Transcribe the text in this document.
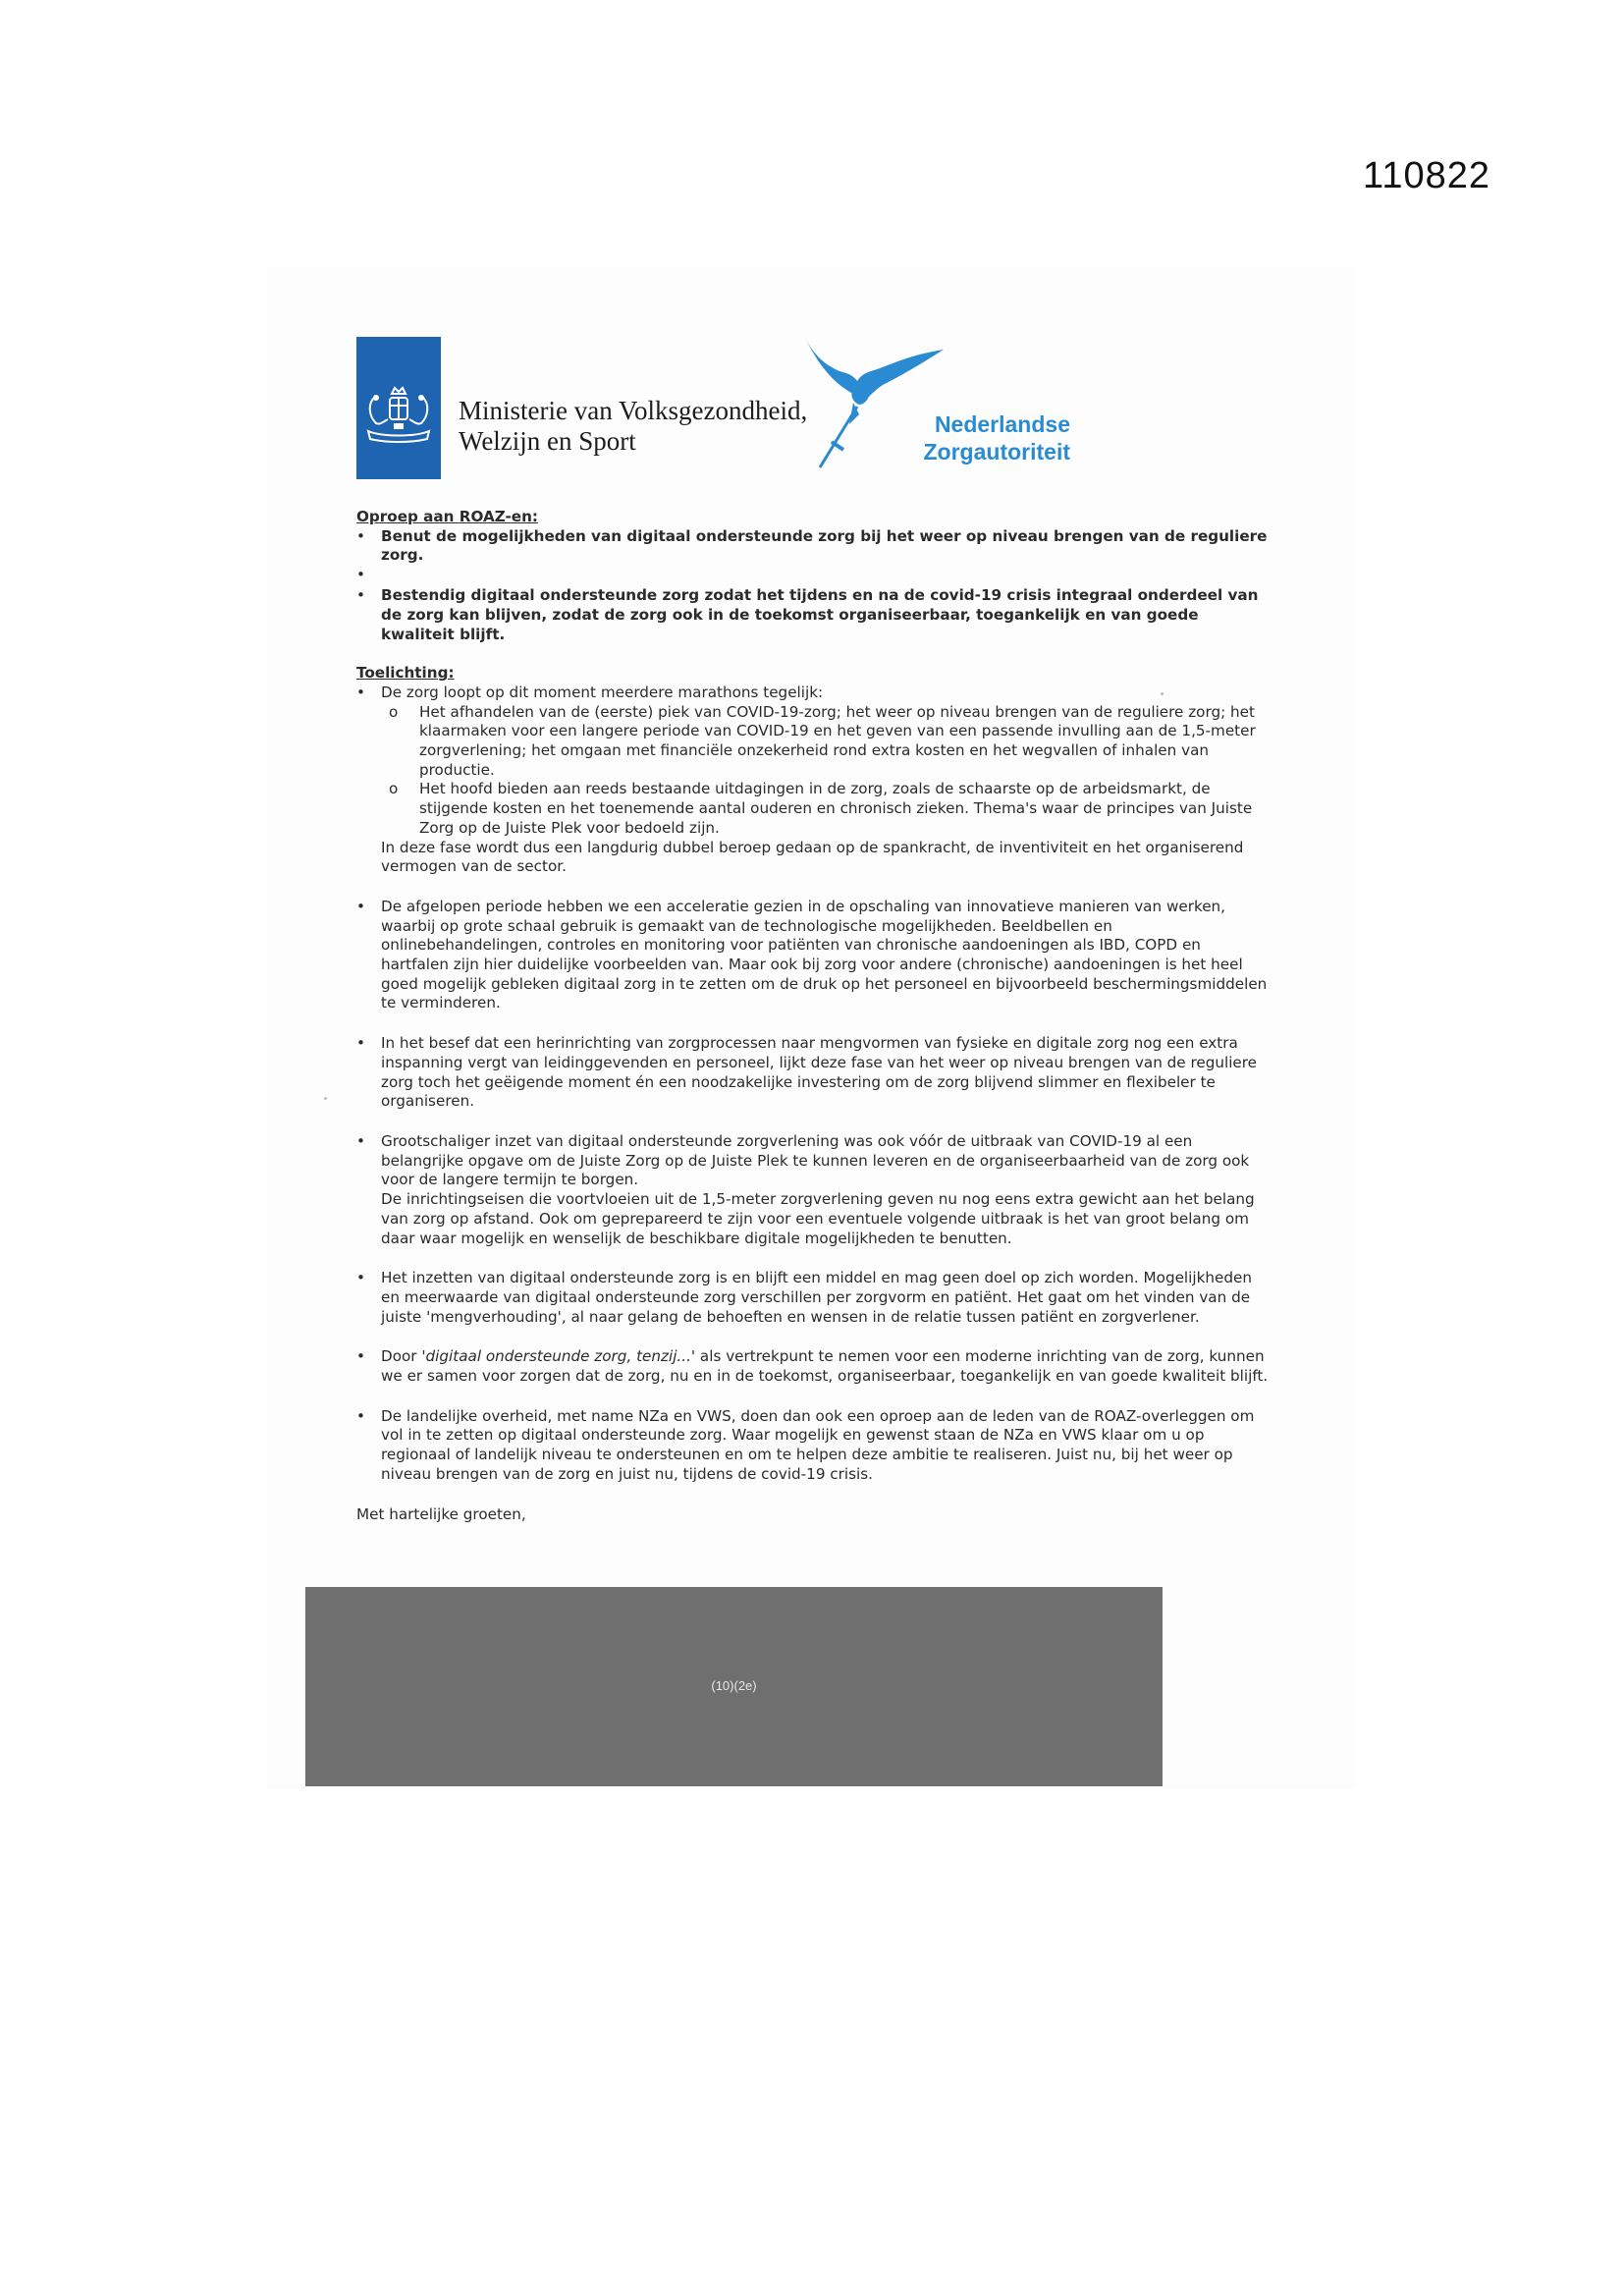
110822
Ministerie van Volksgezondheid,
Welzijn en Sport
Nederlandse
Zorgautoriteit

Oproep aan ROAZ-en:

• Benut de mogelijkheden van digitaal ondersteunde zorg bij het weer op niveau brengen van de reguliere zorg.
•
• Bestendig digitaal ondersteunde zorg zodat het tijdens en na de covid-19 crisis integraal onderdeel van de zorg kan blijven, zodat de zorg ook in de toekomst organiseerbaar, toegankelijk en van goede kwaliteit blijft.

Toelichting:

• De zorg loopt op dit moment meerdere marathons tegelijk:
o Het afhandelen van de (eerste) piek van COVID-19-zorg; het weer op niveau brengen van de reguliere zorg; het klaarmaken voor een langere periode van COVID-19 en het geven van een passende invulling aan de 1,5-meter zorgverlening; het omgaan met financiële onzekerheid rond extra kosten en het wegvallen of inhalen van productie.
o Het hoofd bieden aan reeds bestaande uitdagingen in de zorg, zoals de schaarste op de arbeidsmarkt, de stijgende kosten en het toenemende aantal ouderen en chronisch zieken. Thema's waar de principes van Juiste Zorg op de Juiste Plek voor bedoeld zijn.
In deze fase wordt dus een langdurig dubbel beroep gedaan op de spankracht, de inventiviteit en het organiserend vermogen van de sector.
• De afgelopen periode hebben we een acceleratie gezien in de opschaling van innovatieve manieren van werken, waarbij op grote schaal gebruik is gemaakt van de technologische mogelijkheden. Beeldbellen en onlinebehandelingen, controles en monitoring voor patiënten van chronische aandoeningen als IBD, COPD en hartfalen zijn hier duidelijke voorbeelden van. Maar ook bij zorg voor andere (chronische) aandoeningen is het heel goed mogelijk gebleken digitaal zorg in te zetten om de druk op het personeel en bijvoorbeeld beschermingsmiddelen te verminderen.
• In het besef dat een herinrichting van zorgprocessen naar mengvormen van fysieke en digitale zorg nog een extra inspanning vergt van leidinggevenden en personeel, lijkt deze fase van het weer op niveau brengen van de reguliere zorg toch het geëigende moment én een noodzakelijke investering om de zorg blijvend slimmer en flexibeler te organiseren.
• Grootschaliger inzet van digitaal ondersteunde zorgverlening was ook vóór de uitbraak van COVID-19 al een belangrijke opgave om de Juiste Zorg op de Juiste Plek te kunnen leveren en de organiseerbaarheid van de zorg ook voor de langere termijn te borgen.
De inrichtingseisen die voortvloeien uit de 1,5-meter zorgverlening geven nu nog eens extra gewicht aan het belang van zorg op afstand. Ook om geprepareerd te zijn voor een eventuele volgende uitbraak is het van groot belang om daar waar mogelijk en wenselijk de beschikbare digitale mogelijkheden te benutten.
• Het inzetten van digitaal ondersteunde zorg is en blijft een middel en mag geen doel op zich worden. Mogelijkheden en meerwaarde van digitaal ondersteunde zorg verschillen per zorgvorm en patiënt. Het gaat om het vinden van de juiste 'mengverhouding', al naar gelang de behoeften en wensen in de relatie tussen patiënt en zorgverlener.
• Door 'digitaal ondersteunde zorg, tenzij...' als vertrekpunt te nemen voor een moderne inrichting van de zorg, kunnen we er samen voor zorgen dat de zorg, nu en in de toekomst, organiseerbaar, toegankelijk en van goede kwaliteit blijft.
• De landelijke overheid, met name NZa en VWS, doen dan ook een oproep aan de leden van de ROAZ-overleggen om vol in te zetten op digitaal ondersteunde zorg. Waar mogelijk en gewenst staan de NZa en VWS klaar om u op regionaal of landelijk niveau te ondersteunen en om te helpen deze ambitie te realiseren. Juist nu, bij het weer op niveau brengen van de zorg en juist nu, tijdens de covid-19 crisis.

Met hartelijke groeten,

(10)(2e)
